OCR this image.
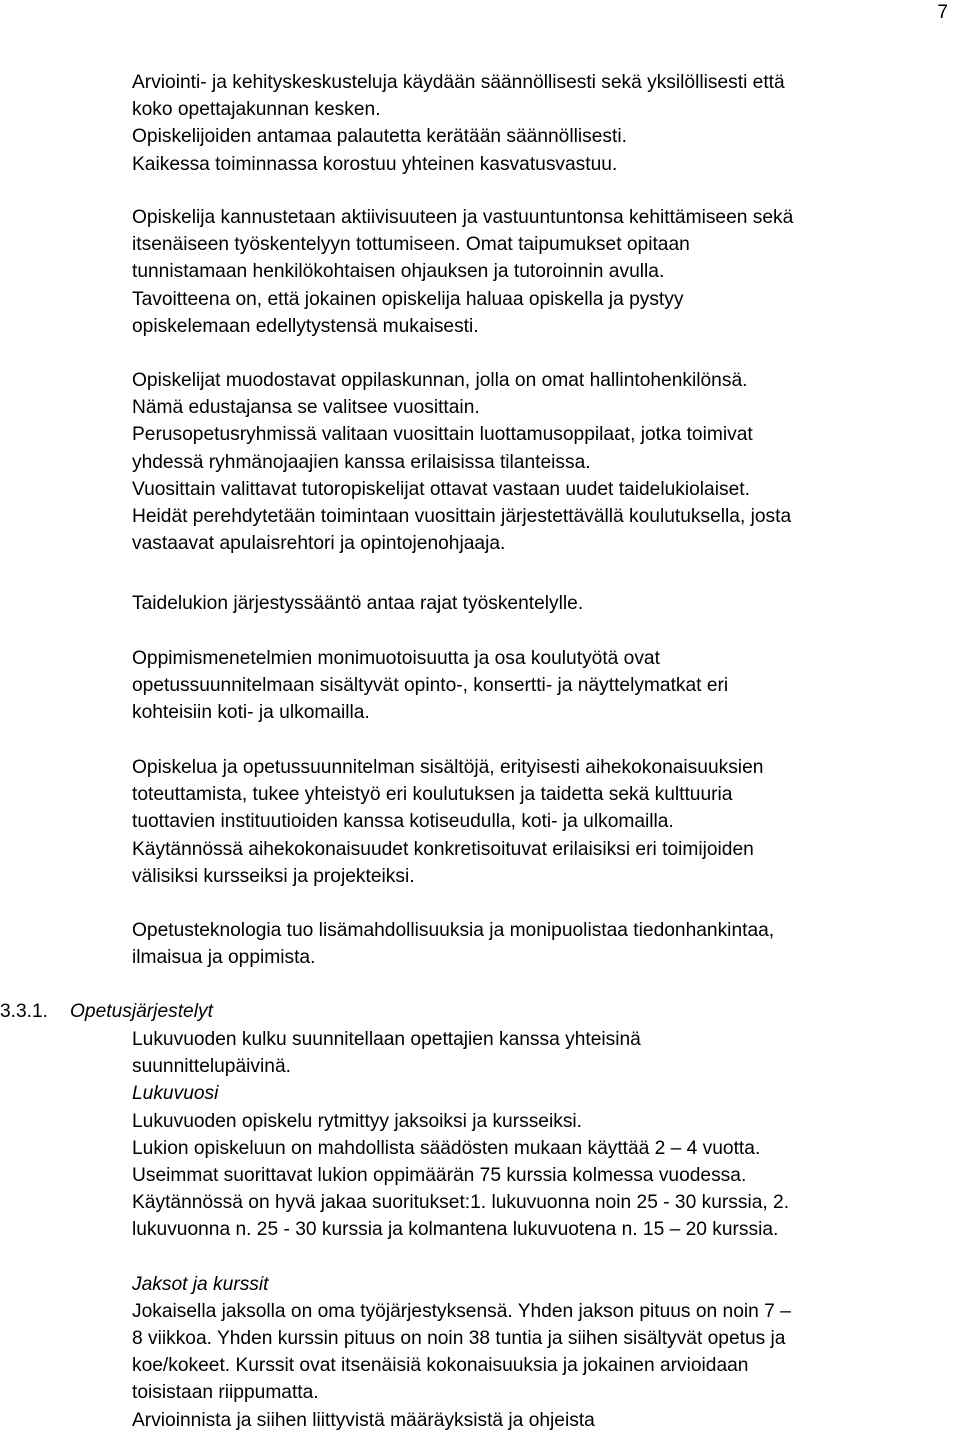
7
Arviointi- ja kehityskeskusteluja käydään säännöllisesti sekä yksilöllisesti että
koko opettajakunnan kesken.
Opiskelijoiden antamaa palautetta kerätään säännöllisesti.
Kaikessa toiminnassa korostuu yhteinen kasvatusvastuu.
Opiskelija kannustetaan aktiivisuuteen ja vastuuntuntonsa kehittämiseen sekä
itsenäiseen työskentelyyn tottumiseen. Omat taipumukset opitaan
tunnistamaan henkilökohtaisen ohjauksen ja tutoroinnin avulla.
Tavoitteena on, että jokainen opiskelija haluaa opiskella ja pystyy
opiskelemaan edellytystensä mukaisesti.
Opiskelijat muodostavat oppilaskunnan, jolla on omat hallintohenkilönsä.
Nämä edustajansa se valitsee vuosittain.
Perusopetusryhmissä valitaan vuosittain luottamusoppilaat, jotka toimivat
yhdessä ryhmänojaajien kanssa erilaisissa tilanteissa.
Vuosittain valittavat tutoropiskelijat ottavat vastaan uudet taidelukiolaiset.
Heidät perehdytetään toimintaan vuosittain järjestettävällä koulutuksella, josta
vastaavat apulaisrehtori ja opintojenohjaaja.
Taidelukion järjestyssääntö antaa rajat työskentelylle.
Oppimismenetelmien monimuotoisuutta ja osa koulutyötä ovat
opetussuunnitelmaan sisältyvät opinto-, konsertti- ja näyttelymatkat eri
kohteisiin koti- ja ulkomailla.
Opiskelua ja opetussuunnitelman sisältöjä, erityisesti aihekokonaisuuksien
toteuttamista, tukee yhteistyö eri koulutuksen ja taidetta sekä kulttuuria
tuottavien instituutioiden kanssa kotiseudulla, koti- ja ulkomailla.
Käytännössä aihekokonaisuudet konkretisoituvat erilaisiksi eri toimijoiden
välisiksi kursseiksi ja projekteiksi.
Opetusteknologia tuo lisämahdollisuuksia ja monipuolistaa tiedonhankintaa,
ilmaisua ja oppimista.
3.3.1. Opetusjärjestelyt
Lukuvuoden kulku suunnitellaan opettajien kanssa yhteisinä
suunnittelupäivinä.
Lukuvuosi
Lukuvuoden opiskelu rytmittyy jaksoiksi ja kursseiksi.
Lukion opiskeluun on mahdollista säädösten mukaan käyttää 2 – 4 vuotta.
Useimmat suorittavat lukion oppimäärän 75 kurssia kolmessa vuodessa.
Käytännössä on hyvä jakaa suoritukset:1. lukuvuonna noin 25 - 30 kurssia, 2.
lukuvuonna n. 25 - 30 kurssia ja kolmantena lukuvuotena n. 15 – 20 kurssia.
Jaksot ja kurssit
Jokaisella jaksolla on oma työjärjestyksensä. Yhden jakson pituus on noin 7 –
8 viikkoa. Yhden kurssin pituus on noin 38 tuntia ja siihen sisältyvät opetus ja
koe/kokeet. Kurssit ovat itsenäisiä kokonaisuuksia ja jokainen arvioidaan
toisistaan riippumatta.
Arvioinnista ja siihen liittyvistä määräyksistä ja ohjeista
